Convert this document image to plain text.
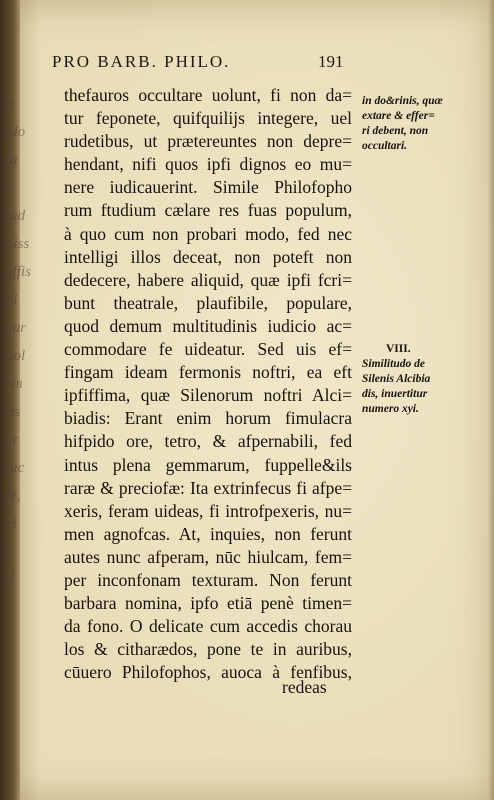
n
ido
la
s
tud
oiss
effis
pi
car
uol
rm
lis
er
luc
ie,
ci
s
ti
PRO BARB. PHILO.	191
thefauros occultare uolunt, fi non da=
tur feponete, quifquilijs integere, uel
rudetibus, ut prætereuntes non depre=
hendant, nifi quos ipfi dignos eo mu=
nere iudicauerint. Simile Philofopho
rum ftudium cælare res fuas populum,
à quo cum non probari modo, fed nec
intelligi illos deceat, non poteft non
dedecere, habere aliquid, quæ ipfi fcri=
bunt theatrale, plaufibile, populare,
quod demum multitudinis iudicio ac=
commodare fe uideatur. Sed uis ef=
fingam ideam fermonis noftri, ea eft
ipfiffima, quæ Silenorum noftri Alci=
biadis: Erant enim horum fimulacra
hifpido ore, tetro, & afpernabili, fed
intus plena gemmarum, fuppelle&ils
raræ & preciofæ: Ita extrinfecus fi afpe=
xeris, feram uideas, fi introfpexeris, nu=
men agnofcas. At, inquies, non ferunt
autes nunc afperam, nūc hiulcam, fem=
per inconfonam texturam. Non ferunt
barbara nomina, ipfo etiā penè timen=
da fono. O delicate cum accedis chorau
los & citharædos, pone te in auribus,
cūuero Philofophos, auoca à fenfibus,
redeas
in do&rinis, quæ
extare & effer=
ri debent, non
occultari.
VIII.
Similitudo de
Silenis Alcibia
dis, inuertitur
numero xyi.
